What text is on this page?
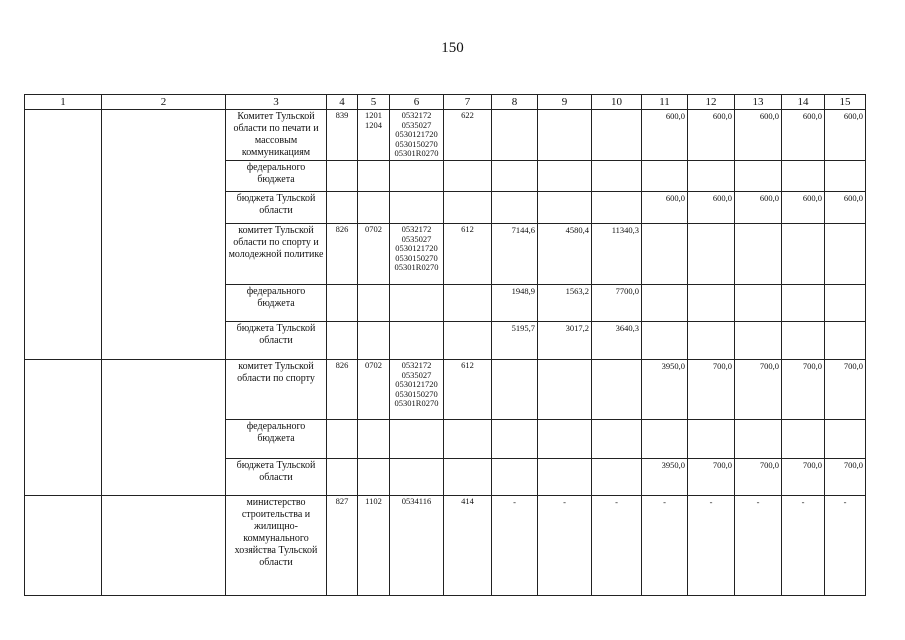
150
1	2	3	4	5	6	7	8	9	10	11	12	13	14	15
		Комитет Тульской области по печати и массовым коммуникациям	839	1201
1204	0532172
0535027
0530121720
0530150270
05301R0270	622				600,0	600,0	600,0	600,0	600,0
		федерального бюджета												
		бюджета Тульской области								600,0	600,0	600,0	600,0	600,0
		комитет Тульской области по спорту и молодежной политике	826	0702	0532172
0535027
0530121720
0530150270
05301R0270	612	7144,6	4580,4	11340,3					
		федерального бюджета					1948,9	1563,2	7700,0					
		бюджета Тульской области					5195,7	3017,2	3640,3					
		комитет Тульской области по спорту	826	0702	0532172
0535027
0530121720
0530150270
05301R0270	612				3950,0	700,0	700,0	700,0	700,0
		федерального бюджета												
		бюджета Тульской области								3950,0	700,0	700,0	700,0	700,0
		министерство строительства и жилищно-коммунального хозяйства Тульской области	827	1102	0534116	414	-	-	-	-	-	-	-	-
